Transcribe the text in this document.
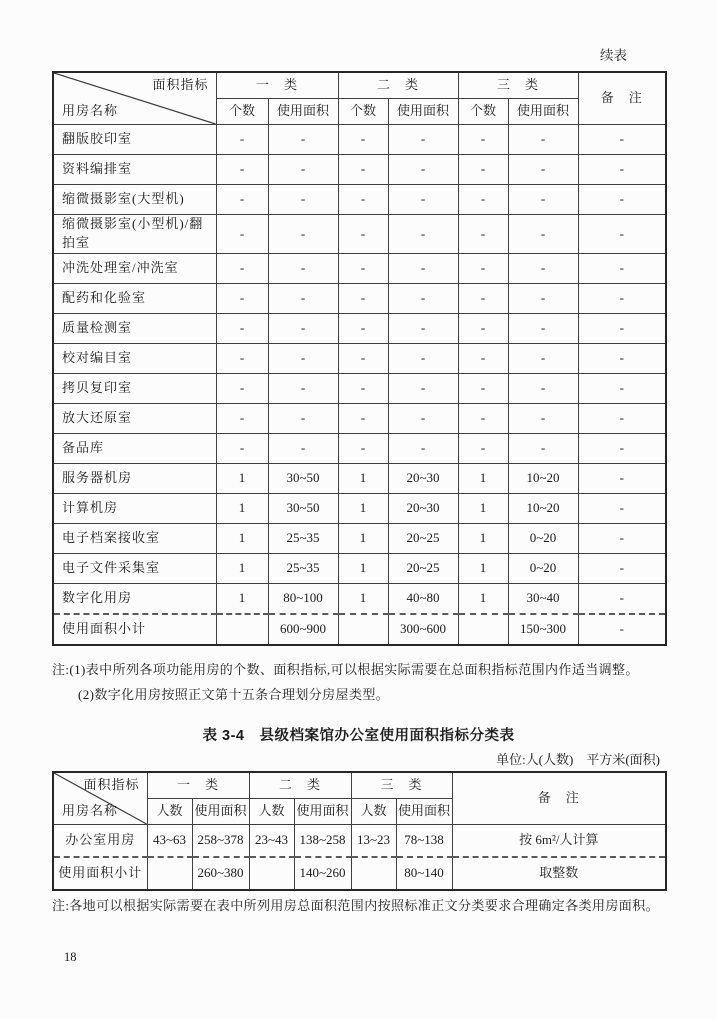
续表
面积指标
用房名称	一　类		二　类		三　类		备　注
	个数	使用面积	个数	使用面积	个数	使用面积	
翻版胶印室	-	-	-	-	-	-	-
资料编排室	-	-	-	-	-	-	-
缩微摄影室(大型机)	-	-	-	-	-	-	-
缩微摄影室(小型机)/翻拍室	-	-	-	-	-	-	-
冲洗处理室/冲洗室	-	-	-	-	-	-	-
配药和化验室	-	-	-	-	-	-	-
质量检测室	-	-	-	-	-	-	-
校对编目室	-	-	-	-	-	-	-
拷贝复印室	-	-	-	-	-	-	-
放大还原室	-	-	-	-	-	-	-
备品库	-	-	-	-	-	-	-
服务器机房	1	30~50	1	20~30	1	10~20	-
计算机房	1	30~50	1	20~30	1	10~20	-
电子档案接收室	1	25~35	1	20~25	1	0~20	-
电子文件采集室	1	25~35	1	20~25	1	0~20	-
数字化用房	1	80~100	1	40~80	1	30~40	-
使用面积小计		600~900		300~600		150~300	-
注:(1)表中所列各项功能用房的个数、面积指标,可以根据实际需要在总面积指标范围内作适当调整。
(2)数字化用房按照正文第十五条合理划分房屋类型。
表 3-4　县级档案馆办公室使用面积指标分类表
单位:人(人数)　平方米(面积)
面积指标
用房名称	一　类		二　类		三　类		备　注
	人数	使用面积	人数	使用面积	人数	使用面积	
办公室用房	43~63	258~378	23~43	138~258	13~23	78~138	按 6m²/人计算
使用面积小计		260~380		140~260		80~140	取整数
注:各地可以根据实际需要在表中所列用房总面积范围内按照标准正文分类要求合理确定各类用房面积。
18
